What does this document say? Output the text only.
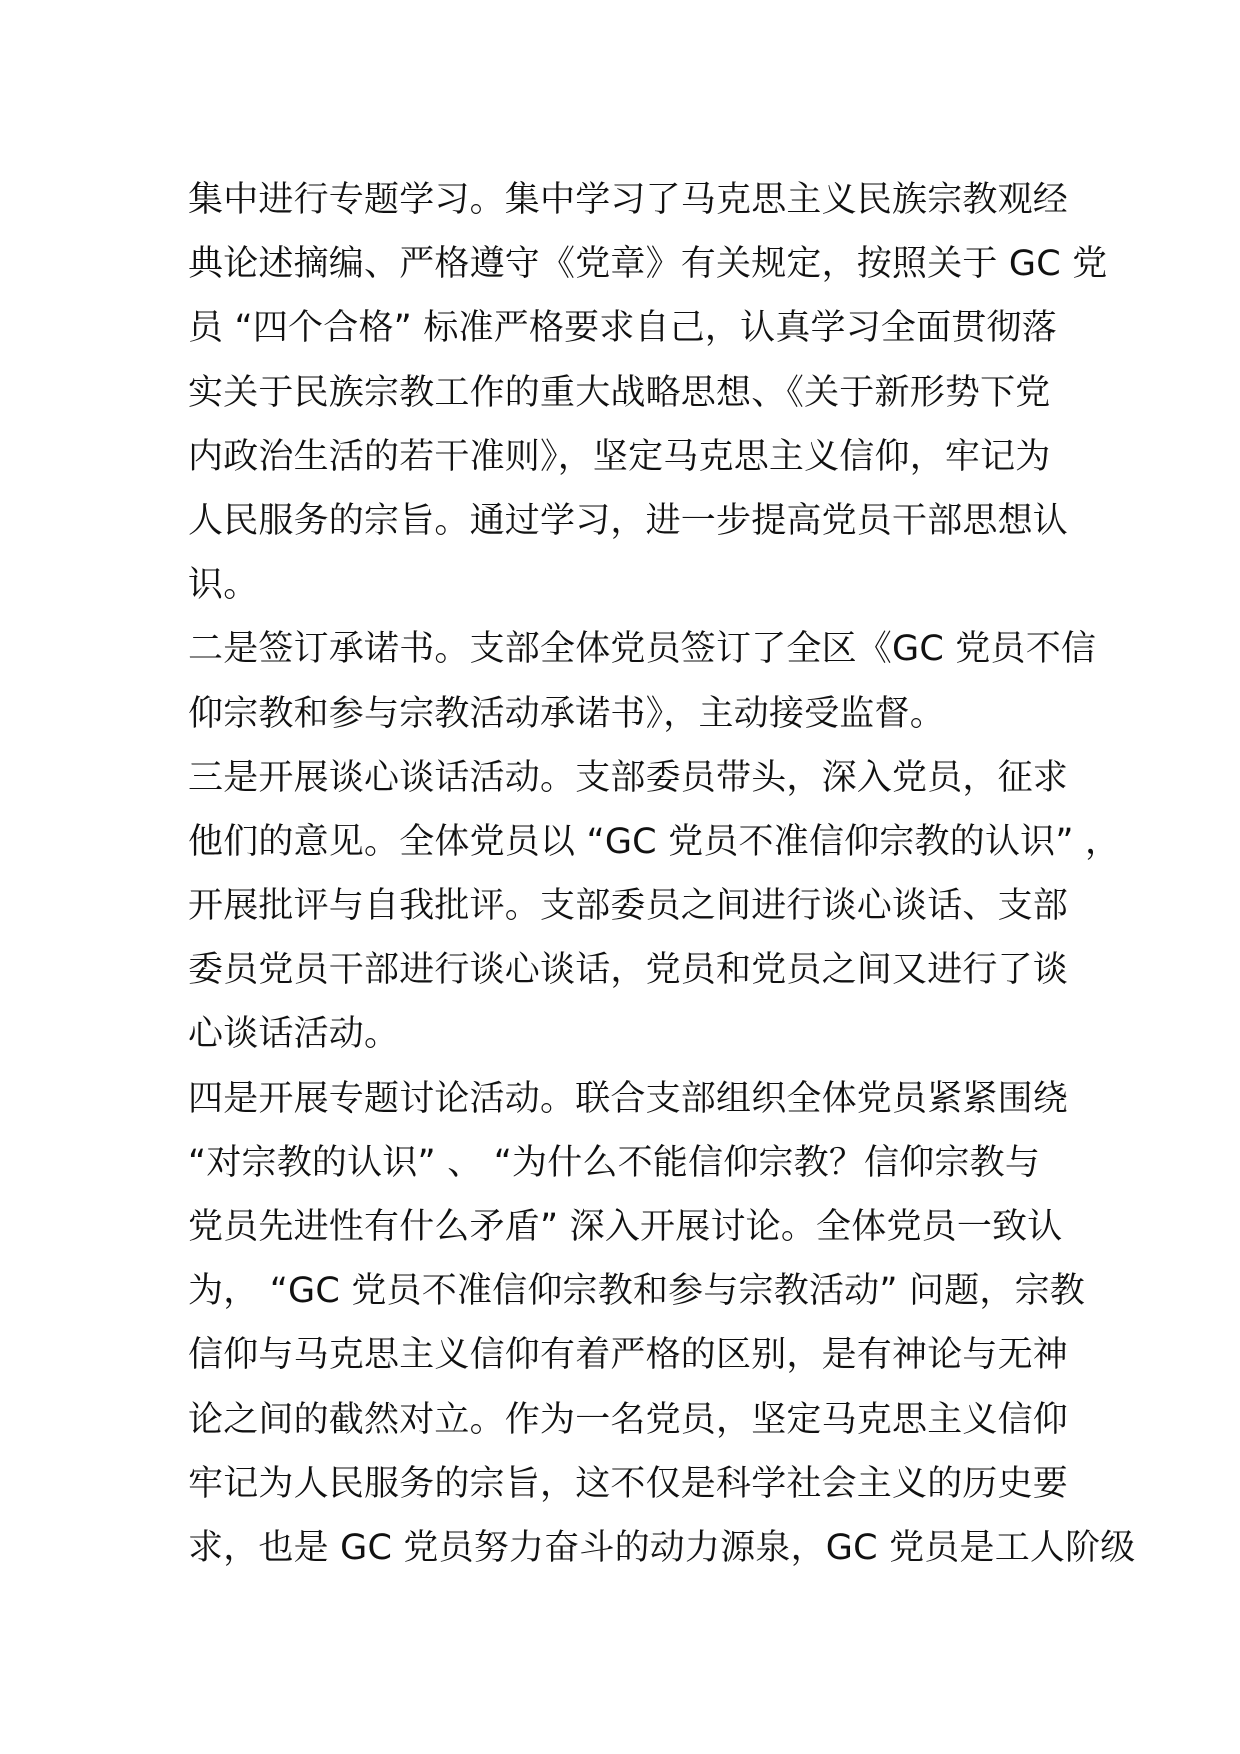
集中进行专题学习。集中学习了马克思主义民族宗教观经
典论述摘编、严格遵守《党章》有关规定，按照关于 GC 党
员 “四个合格” 标准严格要求自己，认真学习全面贯彻落
实关于民族宗教工作的重大战略思想、《关于新形势下党
内政治生活的若干准则》，坚定马克思主义信仰，牢记为
人民服务的宗旨。通过学习，进一步提高党员干部思想认
识。
二是签订承诺书。支部全体党员签订了全区《GC 党员不信
仰宗教和参与宗教活动承诺书》，主动接受监督。
三是开展谈心谈话活动。支部委员带头，深入党员，征求
他们的意见。全体党员以 “GC 党员不准信仰宗教的认识” ，
开展批评与自我批评。支部委员之间进行谈心谈话、支部
委员党员干部进行谈心谈话，党员和党员之间又进行了谈
心谈话活动。
四是开展专题讨论活动。联合支部组织全体党员紧紧围绕
“对宗教的认识” 、 “为什么不能信仰宗教？信仰宗教与
党员先进性有什么矛盾” 深入开展讨论。全体党员一致认
为， “GC 党员不准信仰宗教和参与宗教活动” 问题，宗教
信仰与马克思主义信仰有着严格的区别，是有神论与无神
论之间的截然对立。作为一名党员，坚定马克思主义信仰
牢记为人民服务的宗旨，这不仅是科学社会主义的历史要
求，也是 GC 党员努力奋斗的动力源泉，GC 党员是工人阶级
